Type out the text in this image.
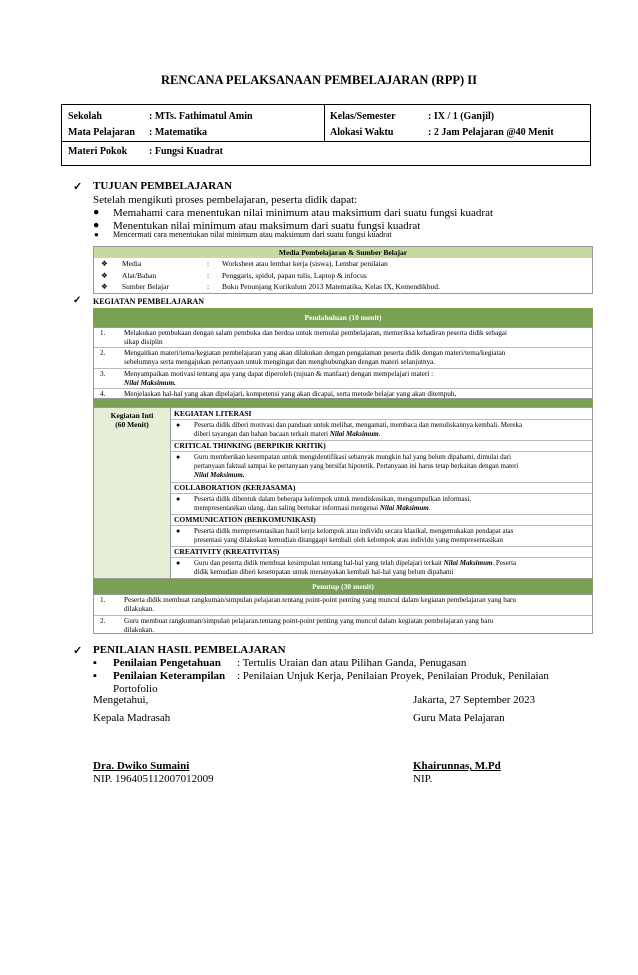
RENCANA PELAKSANAAN PEMBELAJARAN (RPP) II
Sekolah	: MTs. Fathimatul Amin
Mata Pelajaran : Matematika
Kelas/Semester	: IX / 1 (Ganjil)
Alokasi Waktu	: 2 Jam Pelajaran @40 Menit
Materi Pokok : Fungsi Kuadrat
✓ TUJUAN PEMBELAJARAN
Setelah mengikuti proses pembelajaran, peserta didik dapat:
● Memahami cara menentukan nilai minimum atau maksimum dari suatu fungsi kuadrat
● Menentukan nilai minimum atau maksimum dari suatu fungsi kuadrat
● Mencermati cara menentukan nilai minimum atau maksimum dari suatu fungsi kuadrat
Media Pembelajaran & Sumber Belajar
❖ Media	: Worksheet atau lembar kerja (siswa), Lembar penilaian
❖ Alat/Bahan	: Penggaris, spidol, papan tulis, Laptop & infocus
❖ Sumber Belajar	: Buku Penunjang Kurikulum 2013 Matematika, Kelas IX, Kemendikbud.
✓ KEGIATAN PEMBELAJARAN
Pendahuluan (10 menit)
1.	Melakukan pembukaan dengan salam pembuka dan berdoa untuk memulai pembelajaran, memeriksa kehadiran peserta didik sebagai
sikap disiplin
2.	Mengaitkan materi/tema/kegiatan pembelajaran yang akan dilakukan dengan pengalaman peserta didik dengan materi/tema/kegiatan
sebelumnya serta mengajukan pertanyaan untuk mengingat dan menghubungkan dengan materi selanjutnya.
3.	Menyampaikan motivasi tentang apa yang dapat diperoleh (tujuan & manfaat) dengan mempelajari materi :
Nilai Maksimum.
4.	Menjelaskan hal-hal yang akan dipelajari, kompetensi yang akan dicapai, serta metode belajar yang akan ditempuh,
Kegiatan Inti
(60 Menit)
KEGIATAN LITERASI
● Peserta didik diberi motivasi dan panduan untuk melihat, mengamati, membaca dan menuliskannya kembali. Mereka
diberi tayangan dan bahan bacaan terkait materi Nilai Maksimum.
CRITICAL THINKING (BERPIKIR KRITIK)
● Guru memberikan kesempatan untuk mengidentifikasi sebanyak mungkin hal yang belum dipahami, dimulai dari
pertanyaan faktual sampai ke pertanyaan yang bersifat hipotetik. Pertanyaan ini harus tetap berkaitan dengan materi
Nilai Maksimum.
COLLABORATION (KERJASAMA)
● Peserta didik dibentuk dalam beberapa kelompok untuk mendiskusikan, mengumpulkan informasi,
mempresentasikan ulang, dan saling bertukar informasi mengenai Nilai Maksimum.
COMMUNICATION (BERKOMUNIKASI)
● Peserta didik mempresentasikan hasil kerja kelompok atau individu secara klasikal, mengemukakan pendapat atas
presentasi yang dilakukan kemudian ditanggapi kembali oleh kelompok atau individu yang mempresentasikan
CREATIVITY (KREATIVITAS)
● Guru dan peserta didik membuat kesimpulan tentang hal-hal yang telah dipelajari terkait Nilai Maksimum. Peserta
didik kemudian diberi kesempatan untuk menanyakan kembali hal-hal yang belum dipahami
Penutup (30 menit)
1.	Peserta didik membuat rangkuman/simpulan pelajaran.tentang point-point penting yang muncul dalam kegiatan pembelajaran yang baru
dilakukan.
2.	Guru membuat rangkuman/simpulan pelajaran.tentang point-point penting yang muncul dalam kegiatan pembelajaran yang baru
dilakukan.
✓ PENILAIAN HASIL PEMBELAJARAN
▪ Penilaian Pengetahuan : Tertulis Uraian dan atau Pilihan Ganda, Penugasan
▪ Penilaian Keterampilan : Penilaian Unjuk Kerja, Penilaian Proyek, Penilaian Produk, Penilaian
Portofolio
Mengetahui,
Kepala Madrasah
Dra. Dwiko Sumaini
NIP. 196405112007012009
Jakarta, 27 September 2023
Guru Mata Pelajaran
Khairunnas, M.Pd
NIP.
